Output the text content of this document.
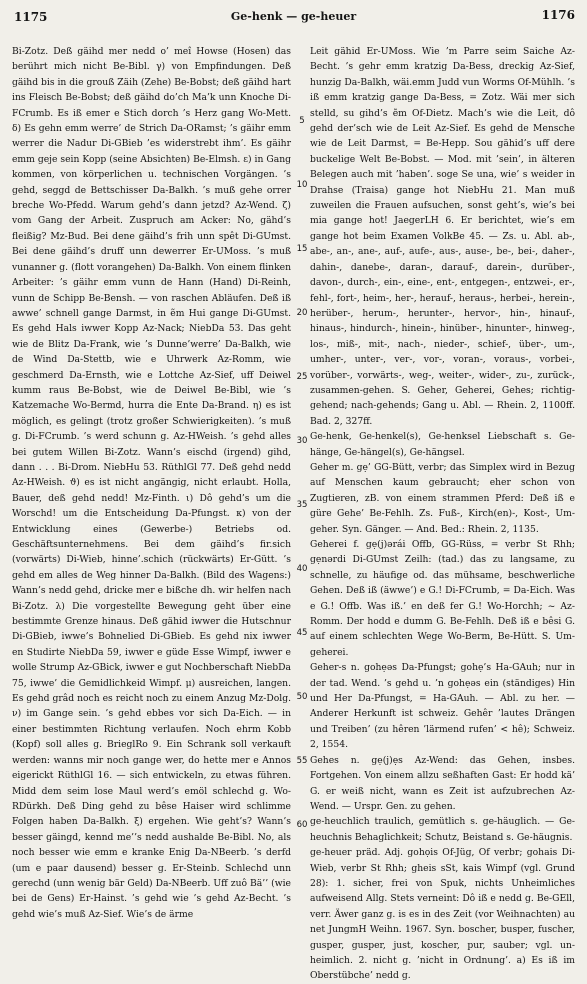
1175	Ge-henk — ge-heuer	1176

Bi-Zotz. Deß gäihd mer nedd o’ meî Howse (Hosen) das berührt mich nicht Be-Bibl. γ) von Empfindungen. Deß gäihd bis in die grouß Zäih (Zehe) Be-Bobst; deß gäihd hart ins Fleisch Be-Bobst; deß gäihd do’ch Ma’k unn Knoche Di-FCrumb. Es iß emer e Stich dorch ’s Herz gang Wo-Mett. δ) Es gehn emm werre’ de Strich Da-ORamst; ’s gäihr emm werrer die Nadur Di-GBieb ’es widerstrebt ihm’. Es gäihr emm geje sein Kopp (seine Absichten) Be-Elmsh. ε) in Gang kommen, von körperlichen u. technischen Vorgängen. ’s gehd, seggd de Bettschisser Da-Balkh. ’s muß gehe orrer breche Wo-Pfedd. Warum gehd’s dann jetzd? Az-Wend. ζ) vom Gang der Arbeit. Zuspruch am Acker: No, gähd’s fleißig? Mz-Bud. Bei dene gäihd’s frih unn spêt Di-GUmst. Bei dene gäihd’s druff unn dewerrer Er-UMoss. ’s muß vunanner g. (flott vorangehen) Da-Balkh. Von einem flinken Arbeiter: ’s gäihr emm vunn de Hann (Hand) Di-Reinh, vunn de Schipp Be-Bensh. — von raschen Abläufen. Deß iß awwe’ schnell gange Darmst, in ẽm Hui gange Di-GUmst. Es gehd Hals iwwer Kopp Az-Nack; NiebDa 53. Das geht wie de Blitz Da-Frank, wie ’s Dunne’werre’ Da-Balkh, wie de Wind Da-Stettb, wie e Uhrwerk Az-Romm, wie geschmerd Da-Ernsth, wie e Lottche Az-Sief, uff Deiwel kumm raus Be-Bobst, wie de Deiwel Be-Bibl, wie ’s Katzemache Wo-Bermd, hurra die Ente Da-Brand. η) es ist möglich, es gelingt (trotz großer Schwierigkeiten). ’s muß g. Di-FCrumb. ’s werd schunn g. Az-HWeish. ’s gehd alles bei gutem Willen Bi-Zotz. Wann’s eischd (irgend) gihd, dann . . . Bi-Drom. NiebHu 53. RüthlGl 77. Deß gehd nedd Az-HWeish. ϑ) es ist nicht angängig, nicht erlaubt. Holla, Bauer, deß gehd nedd! Mz-Finth. ι) Dô gehd’s um die Worschd! um die Entscheidung Da-Pfungst. κ) von der Entwicklung eines (Gewerbe-) Betriebs od. Geschäftsunternehmens. Bei dem gäihd’s fir.sich (vorwärts) Di-Wieb, hinne’.schich (rückwärts) Er-Gütt. ’s gehd em alles de Weg hinner Da-Balkh. (Bild des Wagens:) Wann’s nedd gehd, dricke mer e bißche dh. wir helfen nach Bi-Zotz. λ) Die vorgestellte Bewegung geht über eine bestimmte Grenze hinaus. Deß gähid iwwer die Hutschnur Di-GBieb, iwwe’s Bohnelied Di-GBieb. Es gehd nix iwwer en Studirte NiebDa 59, iwwer e güde Esse Wimpf, iwwer e wolle Strump Az-GBick, iwwer e gut Nochberschaft NiebDa 75, iwwe’ die Gemidlichkeid Wimpf. μ) ausreichen, langen. Es gehd grâd noch es reicht noch zu einem Anzug Mz-Dolg. ν) im Gange sein. ’s gehd ebbes vor sich Da-Eich. — in einer bestimmten Richtung verlaufen. Noch ehrm Kobb (Kopf) soll alles g. BrieglRo 9. Ein Schrank soll verkauft werden: wanns mir noch gange wer, do hette mer e Annos eigerickt RüthlGl 16. — sich entwickeln, zu etwas führen. Midd dem seim lose Maul werd’s emöl schlechd g. Wo-RDürkh. Deß Ding gehd zu bêse Haiser wird schlimme Folgen haben Da-Balkh. ξ) ergehen. Wie geht’s? Wann’s besser gäingd, kennd me’’s nedd aushalde Be-Bibl. No, als noch besser wie emm e kranke Enig Da-NBeerb. ’s derfd (um e paar dausend) besser g. Er-Steinb. Schlechd unn gerechd (unn wenig bär Geld) Da-NBeerb. Uff zuô Bä’’ (wie bei de Gens) Er-Hainst. ’s gehd wie ’s gehd Az-Becht. ’s gehd wie’s muß Az-Sief. Wie’s de ärme

5
10
15
20
25
30
35
40
45
50
55
60

Leit gähid Er-UMoss. Wie ’m Parre seim Saiche Az-Becht. ’s gehr emm kratzig Da-Bess, dreckig Az-Sief, hunzig Da-Balkh, wäi.emm Judd vun Worms Of-Mühlh. ’s iß emm kratzig gange Da-Bess, = Zotz. Wäi mer sich stelld, su gihd’s ẽm Of-Dietz. Mach’s wie die Leit, dô gehd der’sch wie de Leit Az-Sief. Es gehd de Mensche wie de Leit Darmst, = Be-Hepp. Sou gähid’s uff dere buckelige Welt Be-Bobst. — Mod. mit ’sein’, in älteren Belegen auch mit ’haben’. soge Se una, wie’ s weider in Drahse (Traisa) gange hot NiebHu 21. Man muß zuweilen die Frauen aufsuchen, sonst geht’s, wie’s bei mia gange hot! JaegerLH 6. Er berichtet, wie’s em gange hot beim Examen VolkBe 45. — Zs. u. Abl. ab-, abe-, an-, ane-, auf-, aufe-, aus-, ause-, bе-, bei-, daher-, dahin-, danebe-, daran-, darauf-, darein-, durüber-, davon-, durch-, ein-, eine-, ent-, entgegen-, entzwei-, er-, fehl-, fort-, heim-, her-, herauf-, heraus-, herbei-, herein-, herüber-, herum-, herunter-, hervor-, hin-, hinauf-, hinaus-, hindurch-, hinein-, hinüber-, hinunter-, hinweg-, los-, miß-, mit-, nach-, nieder-, schief-, über-, um-, umher-, unter-, ver-, vor-, voran-, voraus-, vorbei-, vorüber-, vorwärts-, weg-, weiter-, wider-, zu-, zurück-, zusammen-gehen. S. Geher, Geherei, Gehes; richtig-gehend; nach-gehends; Gang u. Abl. — Rhein. 2, 1100ff. Bad. 2, 327ff.

Ge-henk, Ge-henkel(s), Ge-henksel Liebschaft s. Ge-hänge, Ge-hängel(s), Ge-hängsel.

Geher m. gẹ’ GG-Bütt, verbr; das Simplex wird in Bezug auf Menschen kaum gebraucht; eher schon von Zugtieren, zB. von einem strammen Pferd: Deß iß e güre Gehe’ Be-Fehlh. Zs. Fuß-, Kirch(en)-, Kost-, Um-geher. Syn. Gänger. — And. Bed.: Rhein. 2, 1135.

Geherei f. gẹ(j)ərái Offb, GG-Rüss, = verbr St Rhh; gẹnərdi Di-GUmst Zeilh: (tad.) das zu langsame, zu schnelle, zu häufige od. das mühsame, beschwerliche Gehen. Deß iß (äwwe’) e G.! Di-FCrumb, = Da-Eich. Was e G.! Offb. Was iß.’ en deß fer G.! Wo-Horchh; ~ Az-Romm. Der hodd e dumm G. Be-Fehlh. Deß iß e bêsi G. auf einem schlechten Wege Wo-Berm, Be-Hütt. S. Um-geherei.

Geher-s n. gohẹəs Da-Pfungst; gohẹ’s Ha-GAuh; nur in der tad. Wend. ’s gehd u. ’n gohẹəs ein (ständiges) Hin und Her Da-Pfungst, = Ha-GAuh. — Abl. zu her. — Anderer Herkunft ist schweiz. Gehêr ’lautes Drängen und Treiben’ (zu hêren ’lärmend rufen’ < hê); Schweiz. 2, 1554.

Gehes n. gẹ(j)ẹs Az-Wend: das Gehen, insbes. Fortgehen. Von einem allzu seßhaften Gast: Er hodd kä’ G. er weiß nicht, wann es Zeit ist aufzubrechen Az-Wend. — Urspr. Gen. zu gehen.

ge-heuchlich traulich, gemütlich s. ge-häuglich. — Ge-heuchnis Behaglichkeit; Schutz, Beistand s. Ge-häugnis.

ge-heuer präd. Adj. gohọis Of-Jüg, Of verbr; gohais Di-Wieb, verbr St Rhh; gheis sSt, kais Wimpf (vgl. Grund 28): 1. sicher, frei von Spuk, nichts Unheimliches aufweisend Allg. Stets verneint: Dô iß e nedd g. Be-GEll, verr. Äwer ganz g. is es in des Zeit (vor Weihnachten) au net JungmH Weihn. 1967. Syn. boscher, busper, fuscher, gusper, gusper, just, koscher, pur, sauber; vgl. un-heimlich. 2. nicht g. ’nicht in Ordnung’. a) Es iß im Oberstübche’ nedd g.
